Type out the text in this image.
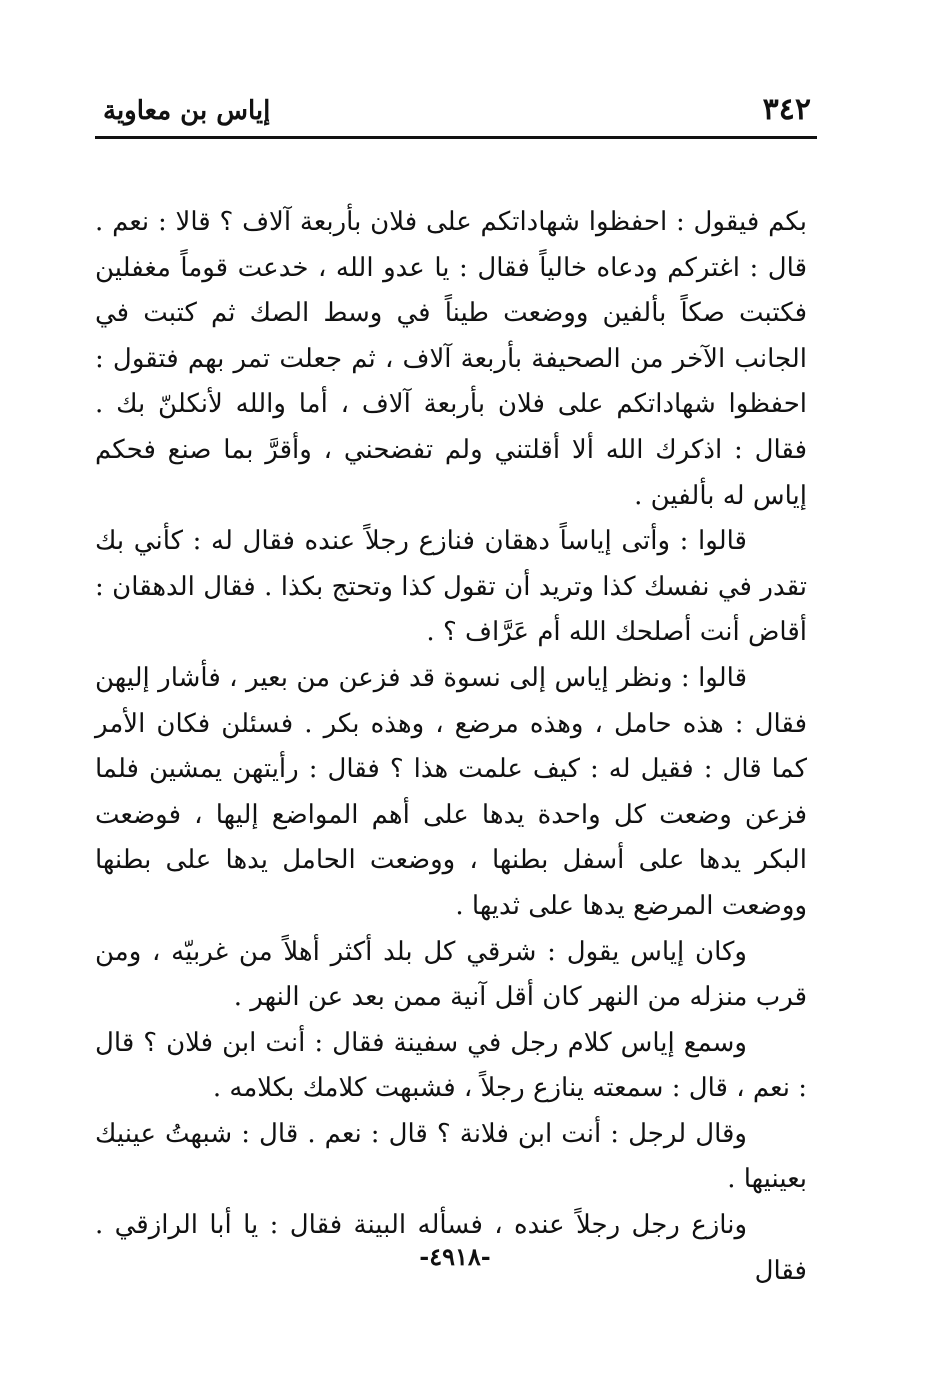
٣٤٢
إياس بن معاوية

بكم فيقول : احفظوا شهاداتكم على فلان بأربعة آلاف ؟ قالا : نعم . قال : اغتركم ودعاه خالياً فقال : يا عدو الله ، خدعت قوماً مغفلين فكتبت صكاً بألفين ووضعت طيناً في وسط الصك ثم كتبت في الجانب الآخر من الصحيفة بأربعة آلاف ، ثم جعلت تمر بهم فتقول : احفظوا شهاداتكم على فلان بأربعة آلاف ، أما والله لأنكلنّ بك . فقال : اذكرك الله ألا أقلتني ولم تفضحني ، وأقرَّ بما صنع فحكم إياس له بألفين .

قالوا : وأتى إياساً دهقان فنازع رجلاً عنده فقال له : كأني بك تقدر في نفسك كذا وتريد أن تقول كذا وتحتج بكذا . فقال الدهقان : أقاض أنت أصلحك الله أم عَرَّاف ؟ .

قالوا : ونظر إياس إلى نسوة قد فزعن من بعير ، فأشار إليهن فقال : هذه حامل ، وهذه مرضع ، وهذه بكر . فسئلن فكان الأمر كما قال : فقيل له : كيف علمت هذا ؟ فقال : رأيتهن يمشين فلما فزعن وضعت كل واحدة يدها على أهم المواضع إليها ، فوضعت البكر يدها على أسفل بطنها ، ووضعت الحامل يدها على بطنها ووضعت المرضع يدها على ثديها .

وكان إياس يقول : شرقي كل بلد أكثر أهلاً من غربيّه ، ومن قرب منزله من النهر كان أقل آنية ممن بعد عن النهر .

وسمع إياس كلام رجل في سفينة فقال : أنت ابن فلان ؟ قال : نعم ، قال : سمعته ينازع رجلاً ، فشبهت كلامك بكلامه .

وقال لرجل : أنت ابن فلانة ؟ قال : نعم . قال : شبهتُ عينيك بعينيها .

ونازع رجل رجلاً عنده ، فسأله البينة فقال : يا أبا الرازقي . فقال

-٤٩١٨-
